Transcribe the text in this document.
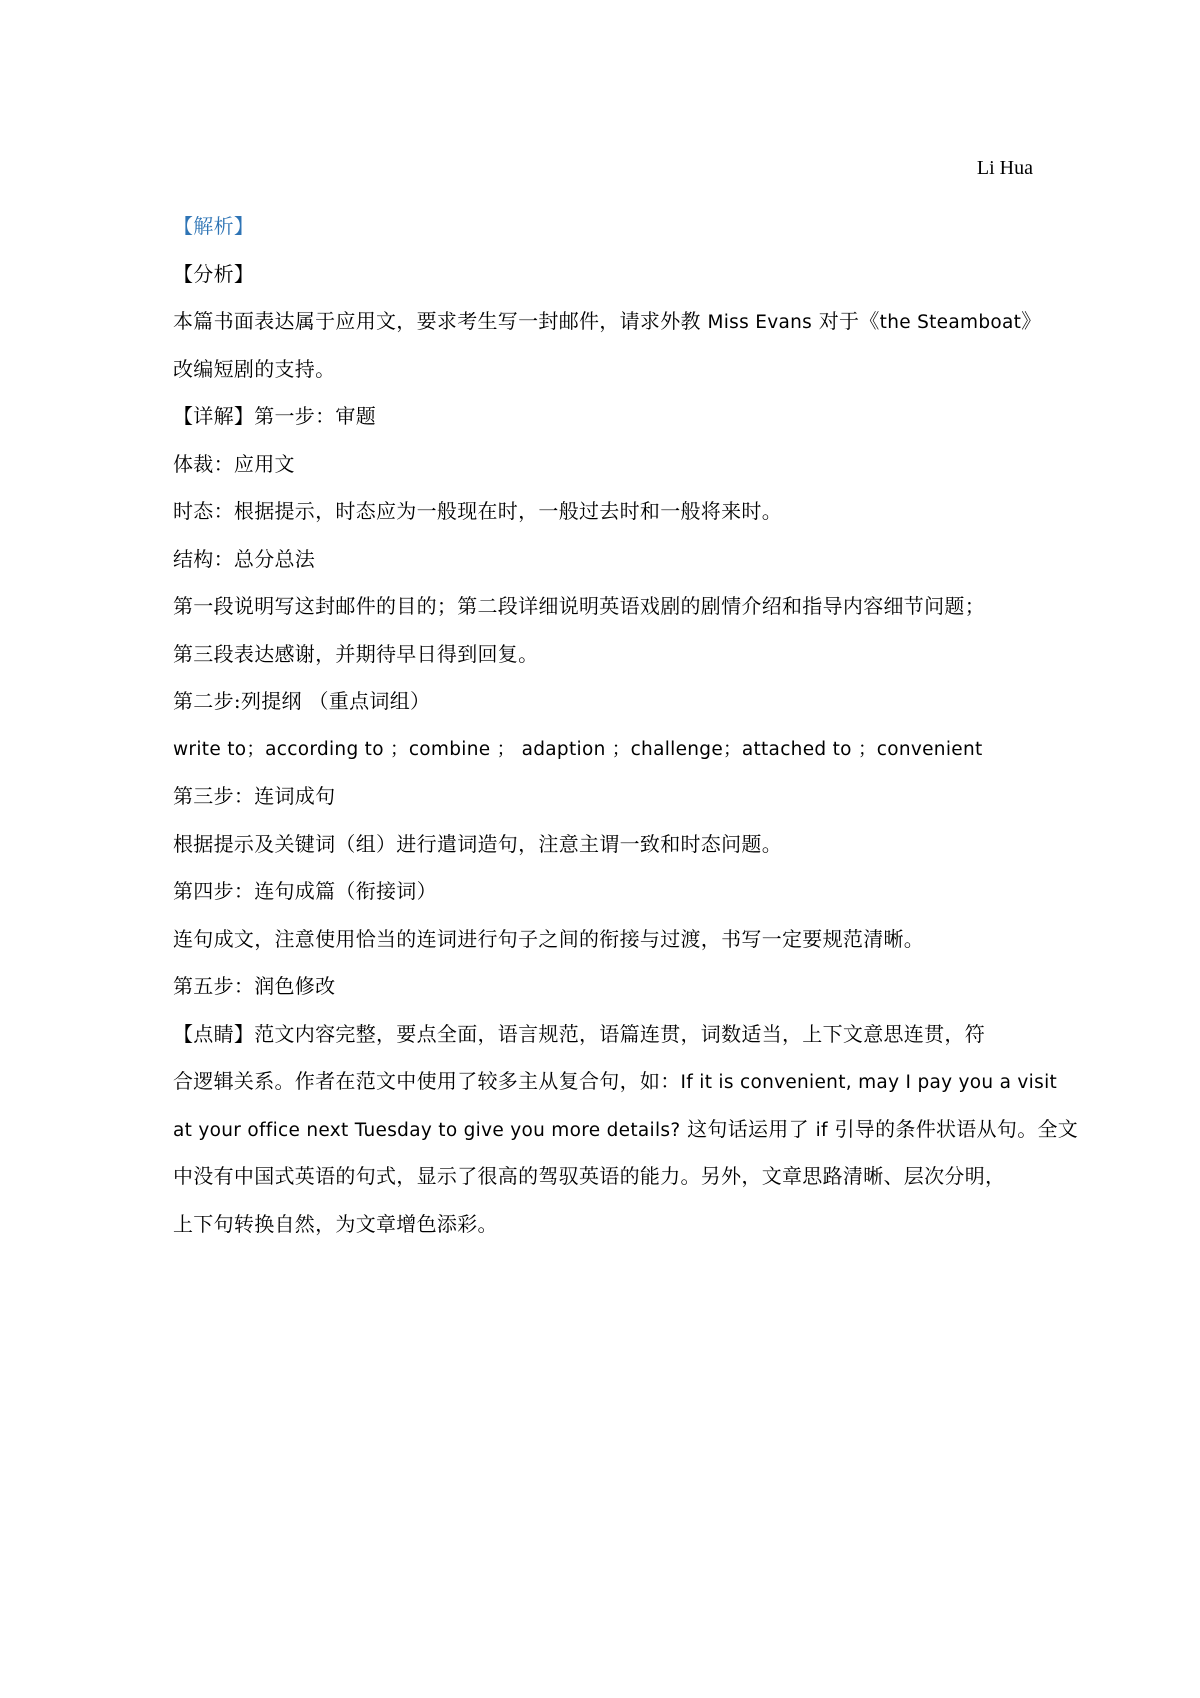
Li Hua
【解析】
【分析】
本篇书面表达属于应用文，要求考生写一封邮件，请求外教 Miss Evans 对于《the Steamboat》
改编短剧的支持。
【详解】第一步：审题
体裁：应用文
时态：根据提示，时态应为一般现在时，一般过去时和一般将来时。
结构：总分总法
第一段说明写这封邮件的目的；第二段详细说明英语戏剧的剧情介绍和指导内容细节问题；
第三段表达感谢，并期待早日得到回复。
第二步:列提纲 （重点词组）
write to；according to ；combine ； adaption ；challenge；attached to ；convenient
第三步：连词成句
根据提示及关键词（组）进行遣词造句，注意主谓一致和时态问题。
第四步：连句成篇（衔接词）
连句成文，注意使用恰当的连词进行句子之间的衔接与过渡，书写一定要规范清晰。
第五步：润色修改
【点睛】范文内容完整，要点全面，语言规范，语篇连贯，词数适当，上下文意思连贯，符
合逻辑关系。作者在范文中使用了较多主从复合句，如：If it is convenient, may I pay you a visit
at your office next Tuesday to give you more details? 这句话运用了 if 引导的条件状语从句。全文
中没有中国式英语的句式，显示了很高的驾驭英语的能力。另外，文章思路清晰、层次分明，
上下句转换自然，为文章增色添彩。
